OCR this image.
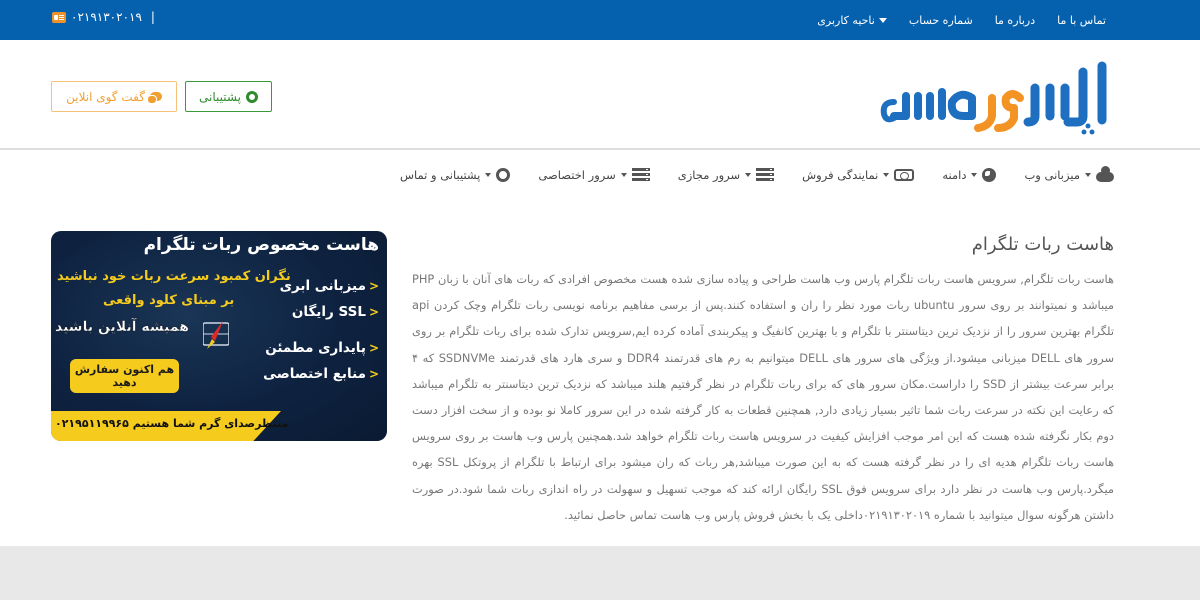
۰۲۱۹۱۳۰۲۰۱۹ |	ناحیه کاربری	شماره حساب درباره ما تماس با ما
گفت گوی انلاین	پشتیبانی
میزبانی وب
دامنه
نمایندگی فروش
سرور مجازی
سرور اختصاصی
پشتیبانی و تماس
هاست ربات تلگرام

هاست ربات تلگرام, سرویس هاست ربات تلگرام پارس وب هاست طراحی و پیاده سازی شده هست مخصوص افرادی که ربات های آنان با زبان PHP میباشد و نمیتوانند بر روی سرور ubuntu ربات مورد نظر را ران و استفاده کنند.پس از برسی مفاهیم برنامه نویسی ربات تلگرام وچک کردن api تلگرام بهترین سرور را از نزدیک ترین دیتاسنتر با تلگرام و با بهترین کانفیگ و پیکربندی آماده کرده ایم,سرویس تدارک شده برای ربات تلگرام بر روی سرور های DELL میزبانی میشود.از ویژگی های سرور های DELL میتوانیم به رم های قدرتمند DDR4 و سری هارد های قدرتمند SSDNVMe که ۴ برابر سرعت بیشتر از SSD را داراست.مکان سرور های که برای ربات تلگرام در نظر گرفتیم هلند میباشد که نزدیک ترین دیتاسنتر به تلگرام میباشد که رعایت این نکته در سرعت ربات شما تاثیر بسیار زیادی دارد, همچنین قطعات به کار گرفته شده در این سرور کاملا نو بوده و از سخت افزار دست دوم بکار نگرفته شده هست که این امر موجب افزایش کیفیت در سرویس هاست ربات تلگرام خواهد شد.همچنین پارس وب هاست بر روی سرویس هاست ربات تلگرام هدیه ای را در نظر گرفته هست که به این صورت میباشد,هر ربات که ران میشود برای ارتباط با تلگرام از پروتکل SSL بهره میگرد.پارس وب هاست در نظر دارد برای سرویس فوق SSL رایگان ارائه کند که موجب تسهیل و سهولت در راه اندازی ربات شما شود.در صورت داشتن هرگونه سوال میتوانید با شماره ۰۲۱۹۱۳۰۲۰۱۹داخلی یک با بخش فروش پارس وب هاست تماس حاصل نمائید.

هاست مخصوص ربات تلگرام
نگران کمبود سرعت ربات خود نباشید
بر مبنای کلود واقعی
همیشه آنلاین باشید
<
میزبانی ابری
<
SSL رایگان
<
پایداری مطمئن
<
منابع اختصاصی
هم اکنون سفارش دهید
منتظرصدای گرم شما هستیم ۰۲۱۹۵۱۱۹۹۶۵
